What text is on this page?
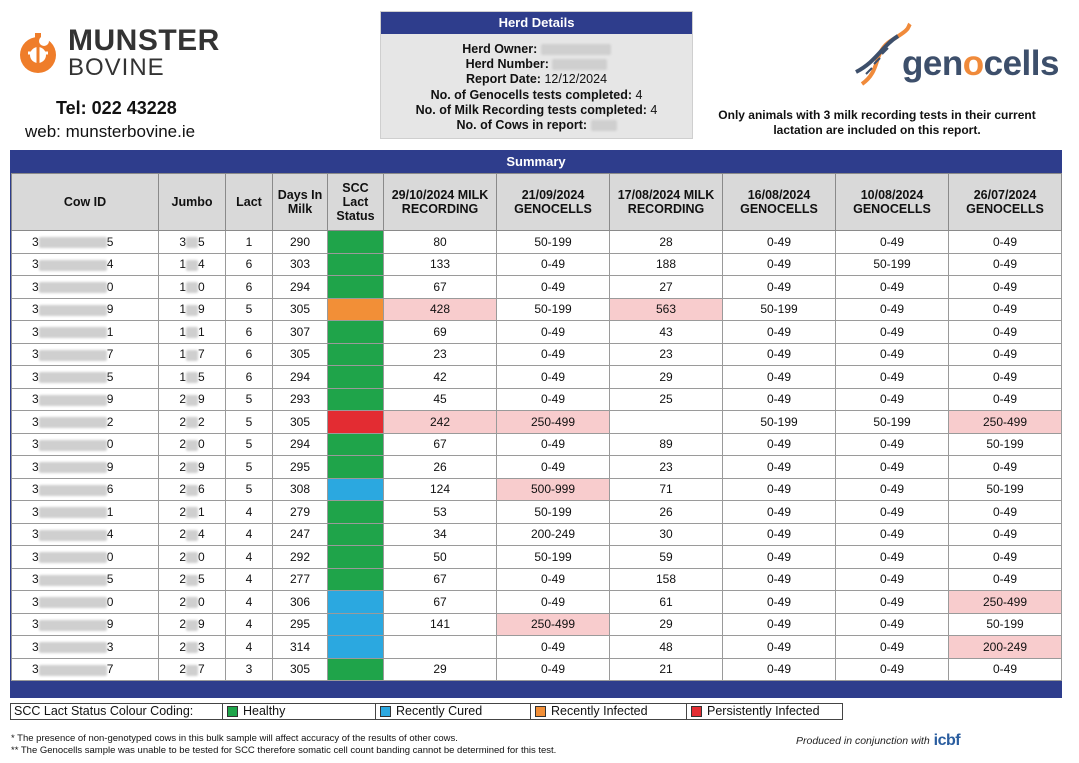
MUNSTER
BOVINE
Tel: 022 43228
web: munsterbovine.ie
Herd Details
Herd Owner:
Herd Number:
Report Date: 12/12/2024
No. of Genocells tests completed: 4
No. of Milk Recording tests completed: 4
No. of Cows in report:
genocells
Only animals with 3 milk recording tests in their current lactation are included on this report.
Summary
Cow ID	Jumbo	Lact	Days In Milk	SCC Lact Status	29/10/2024 MILK RECORDING	21/09/2024 GENOCELLS	17/08/2024 MILK RECORDING	16/08/2024 GENOCELLS	10/08/2024 GENOCELLS	26/07/2024 GENOCELLS
3 5	3 5	1	290		80	50-199	28	0-49	0-49	0-49
3 4	1 4	6	303		133	0-49	188	0-49	50-199	0-49
3 0	1 0	6	294		67	0-49	27	0-49	0-49	0-49
3 9	1 9	5	305		428	50-199	563	50-199	0-49	0-49
3 1	1 1	6	307		69	0-49	43	0-49	0-49	0-49
3 7	1 7	6	305		23	0-49	23	0-49	0-49	0-49
3 5	1 5	6	294		42	0-49	29	0-49	0-49	0-49
3 9	2 9	5	293		45	0-49	25	0-49	0-49	0-49
3 2	2 2	5	305		242	250-499		50-199	50-199	250-499
3 0	2 0	5	294		67	0-49	89	0-49	0-49	50-199
3 9	2 9	5	295		26	0-49	23	0-49	0-49	0-49
3 6	2 6	5	308		124	500-999	71	0-49	0-49	50-199
3 1	2 1	4	279		53	50-199	26	0-49	0-49	0-49
3 4	2 4	4	247		34	200-249	30	0-49	0-49	0-49
3 0	2 0	4	292		50	50-199	59	0-49	0-49	0-49
3 5	2 5	4	277		67	0-49	158	0-49	0-49	0-49
3 0	2 0	4	306		67	0-49	61	0-49	0-49	250-499
3 9	2 9	4	295		141	250-499	29	0-49	0-49	50-199
3 3	2 3	4	314			0-49	48	0-49	0-49	200-249
3 7	2 7	3	305		29	0-49	21	0-49	0-49	0-49
SCC Lact Status Colour Coding:	Healthy	Recently Cured	Recently Infected	Persistently Infected
* The presence of non-genotyped cows in this bulk sample will affect accuracy of the results of other cows.
** The Genocells sample was unable to be tested for SCC therefore somatic cell count banding cannot be determined for this test.
Produced in conjunction with icbf
